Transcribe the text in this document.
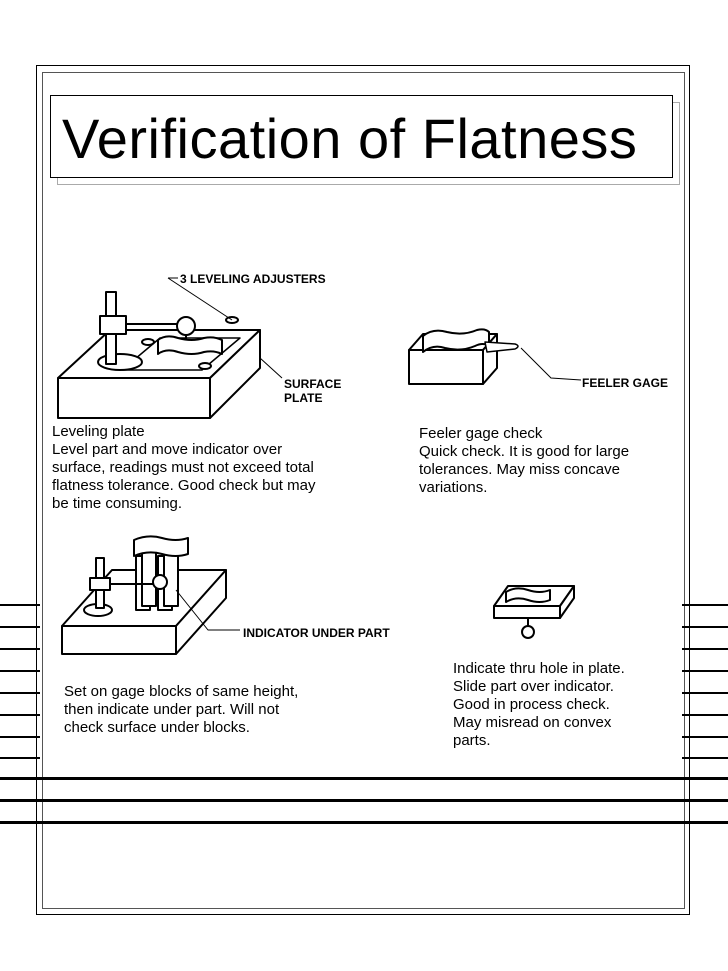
Verification of Flatness
3 LEVELING ADJUSTERS
SURFACE
PLATE
Leveling plate
Level part and move indicator over
surface, readings must not exceed total
flatness tolerance. Good check but may
be time consuming.
FEELER GAGE
Feeler gage check
Quick check. It is good for large
tolerances. May miss concave
variations.
INDICATOR UNDER PART
Set on gage blocks of same height,
then indicate under part. Will not
check surface under blocks.
Indicate thru hole in plate.
Slide part over indicator.
Good in process check.
May misread on convex
parts.
